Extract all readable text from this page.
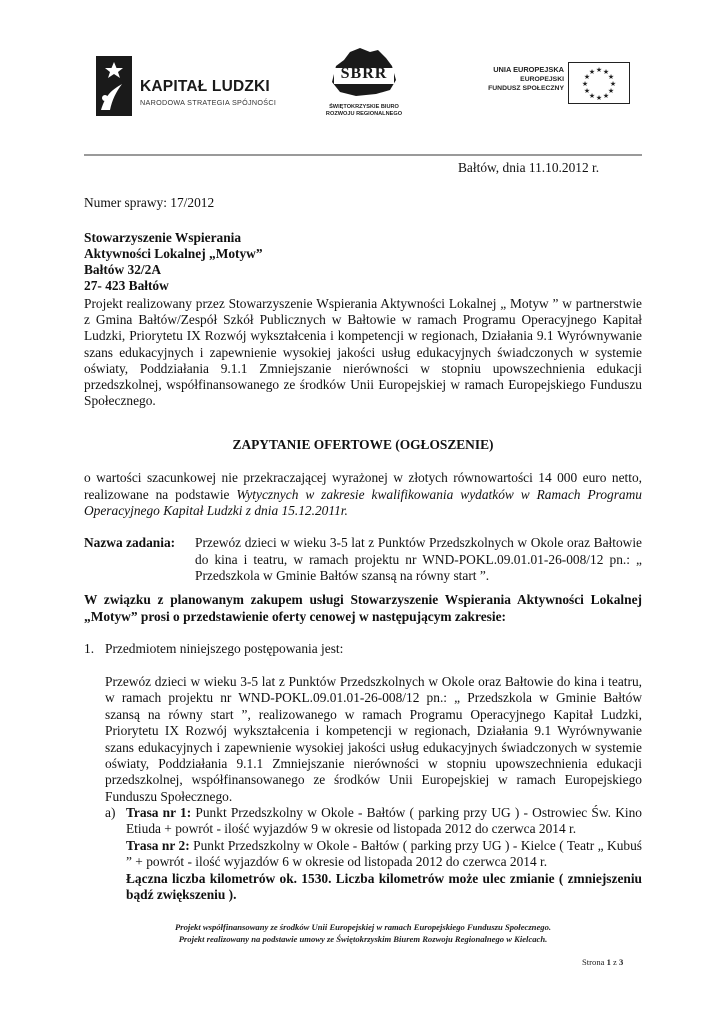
KAPITAŁ LUDZKI
NARODOWA STRATEGIA SPÓJNOŚCI
SBRR
ŚWIĘTOKRZYSKIE BIURO
ROZWOJU REGIONALNEGO
UNIA EUROPEJSKA
EUROPEJSKI
FUNDUSZ SPOŁECZNY
★ ★
★
★
★
★
★
★
★
★
★
★
Bałtów, dnia 11.10.2012 r.
Numer sprawy: 17/2012
Stowarzyszenie Wspierania
Aktywności Lokalnej „Motyw”
Bałtów 32/2A
27- 423 Bałtów
Projekt realizowany przez Stowarzyszenie Wspierania Aktywności Lokalnej „ Motyw ” w partnerstwie z Gmina Bałtów/Zespół Szkół Publicznych w Bałtowie w ramach Programu Operacyjnego Kapitał Ludzki, Priorytetu IX Rozwój wykształcenia i kompetencji w regionach, Działania 9.1 Wyrównywanie szans edukacyjnych i zapewnienie wysokiej jakości usług edukacyjnych świadczonych w systemie oświaty, Poddziałania 9.1.1 Zmniejszanie nierówności w stopniu upowszechnienia edukacji przedszkolnej, współfinansowanego ze środków Unii Europejskiej w ramach Europejskiego Funduszu Społecznego.
ZAPYTANIE OFERTOWE (OGŁOSZENIE)
o wartości szacunkowej nie przekraczającej wyrażonej w złotych równowartości 14 000 euro netto, realizowane na podstawie Wytycznych w zakresie kwalifikowania wydatków w Ramach Programu Operacyjnego Kapitał Ludzki z dnia 15.12.2011r.
Nazwa zadania: Przewóz dzieci w wieku 3-5 lat z Punktów Przedszkolnych w Okole oraz Bałtowie do kina i teatru, w ramach projektu nr WND-POKL.09.01.01-26-008/12 pn.: „ Przedszkola w Gminie Bałtów szansą na równy start ”.
W związku z planowanym zakupem usługi Stowarzyszenie Wspierania Aktywności Lokalnej „Motyw” prosi o przedstawienie oferty cenowej w następującym zakresie:
1. Przedmiotem niniejszego postępowania jest:
Przewóz dzieci w wieku 3-5 lat z Punktów Przedszkolnych w Okole oraz Bałtowie do kina i teatru, w ramach projektu nr WND-POKL.09.01.01-26-008/12 pn.: „ Przedszkola w Gminie Bałtów szansą na równy start ”, realizowanego w ramach Programu Operacyjnego Kapitał Ludzki, Priorytetu IX Rozwój wykształcenia i kompetencji w regionach, Działania 9.1 Wyrównywanie szans edukacyjnych i zapewnienie wysokiej jakości usług edukacyjnych świadczonych w systemie oświaty, Poddziałania 9.1.1 Zmniejszanie nierówności w stopniu upowszechnienia edukacji przedszkolnej, współfinansowanego ze środków Unii Europejskiej w ramach Europejskiego Funduszu Społecznego.
a) Trasa nr 1: Punkt Przedszkolny w Okole - Bałtów ( parking przy UG ) - Ostrowiec Św. Kino Etiuda + powrót - ilość wyjazdów 9 w okresie od listopada 2012 do czerwca 2014 r.
Trasa nr 2: Punkt Przedszkolny w Okole - Bałtów ( parking przy UG ) - Kielce ( Teatr „ Kubuś ” + powrót - ilość wyjazdów 6 w okresie od listopada 2012 do czerwca 2014 r.
Łączna liczba kilometrów ok. 1530. Liczba kilometrów może ulec zmianie ( zmniejszeniu bądź zwiększeniu ).
Projekt współfinansowany ze środków Unii Europejskiej w ramach Europejskiego Funduszu Społecznego.
Projekt realizowany na podstawie umowy ze Świętokrzyskim Biurem Rozwoju Regionalnego w Kielcach.
Strona 1 z 3
